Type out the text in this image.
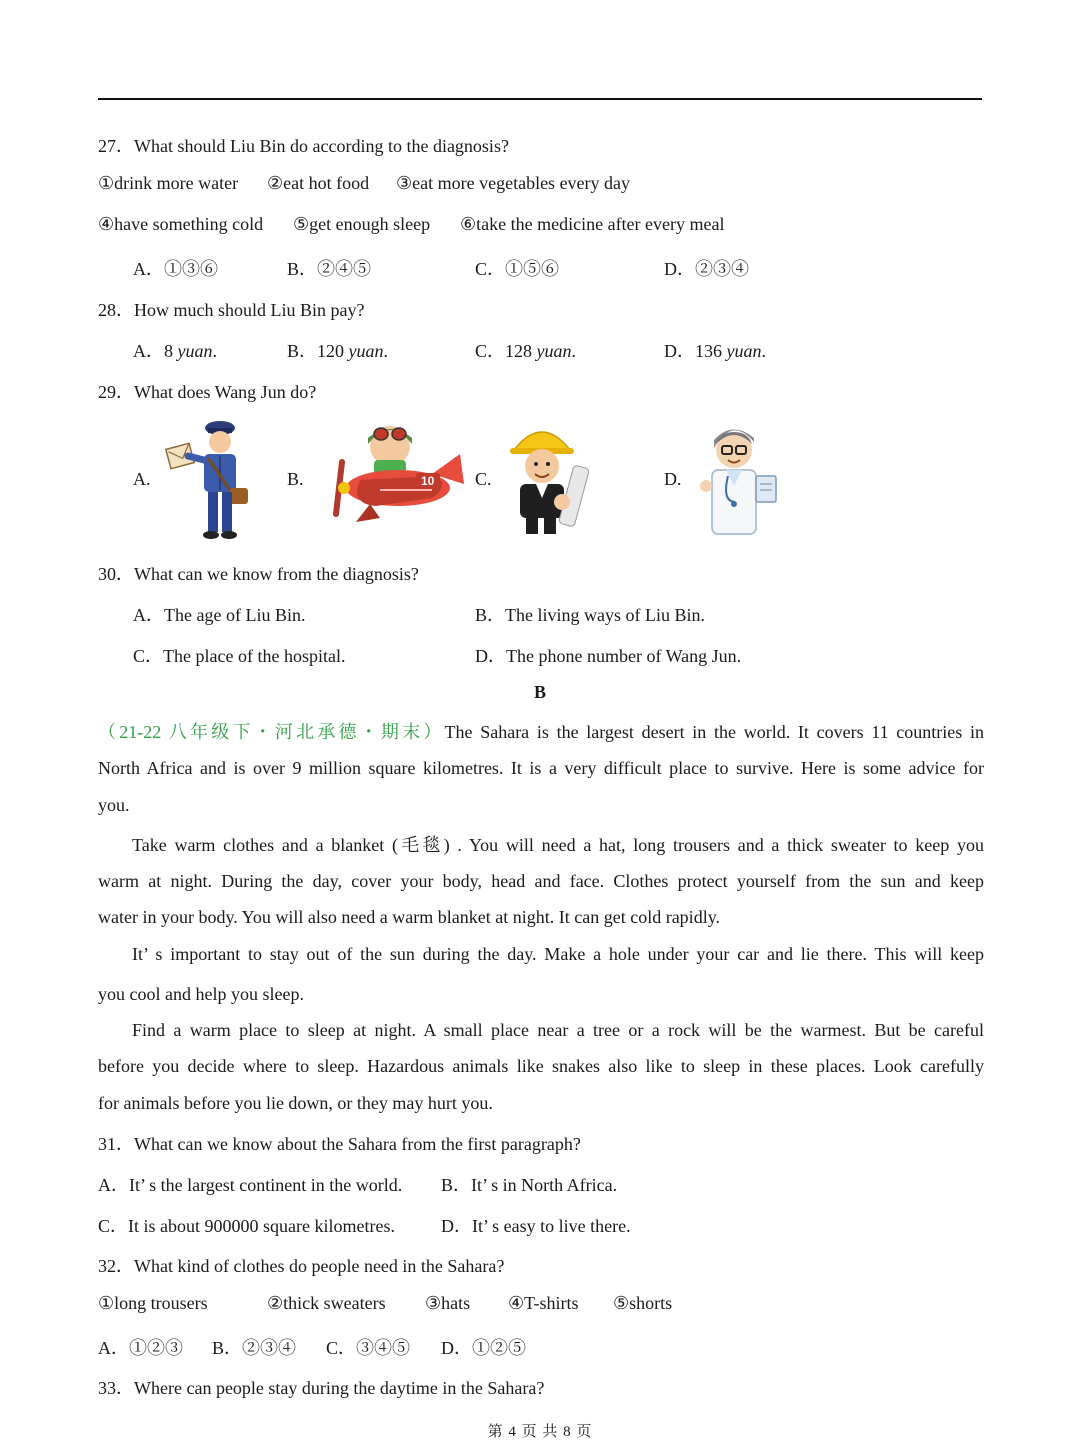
27．What should Liu Bin do according to the diagnosis?
①drink more water ②eat hot food ③eat more vegetables every day
④have something cold ⑤get enough sleep ⑥take the medicine after every meal
A．①③⑥	B．②④⑤	C．①⑤⑥	D．②③④
28．How much should Liu Bin pay?
A．8 yuan.	B．120 yuan.	C．128 yuan.	D．136 yuan.
29．What does Wang Jun do?
A.	B.	C.	D.
10
30．What can we know from the diagnosis?
A．The age of Liu Bin.	B．The living ways of Liu Bin.
C．The place of the hospital.	D．The phone number of Wang Jun.
B
（21-22 八年级下・河北承德・期末）The Sahara is the largest desert in the world. It covers 11 countries in
North Africa and is over 9 million square kilometres. It is a very difficult place to survive. Here is some advice for
you.
Take warm clothes and a blanket (毛毯) . You will need a hat, long trousers and a thick sweater to keep you
warm at night. During the day, cover your body, head and face. Clothes protect yourself from the sun and keep
water in your body. You will also need a warm blanket at night. It can get cold rapidly.
It’ s important to stay out of the sun during the day. Make a hole under your car and lie there. This will keep
you cool and help you sleep.
Find a warm place to sleep at night. A small place near a tree or a rock will be the warmest. But be careful
before you decide where to sleep. Hazardous animals like snakes also like to sleep in these places. Look carefully
for animals before you lie down, or they may hurt you.
31．What can we know about the Sahara from the first paragraph?
A．It’ s the largest continent in the world. B．It’ s in North Africa.
C．It is about 900000 square kilometres.	D．It’ s easy to live there.
32．What kind of clothes do people need in the Sahara?
①long trousers	②thick sweaters ③hats ④T-shirts ⑤shorts
A．①②③ B．②③④ C．③④⑤ D．①②⑤
33．Where can people stay during the daytime in the Sahara?
第 4 页 共 8 页
